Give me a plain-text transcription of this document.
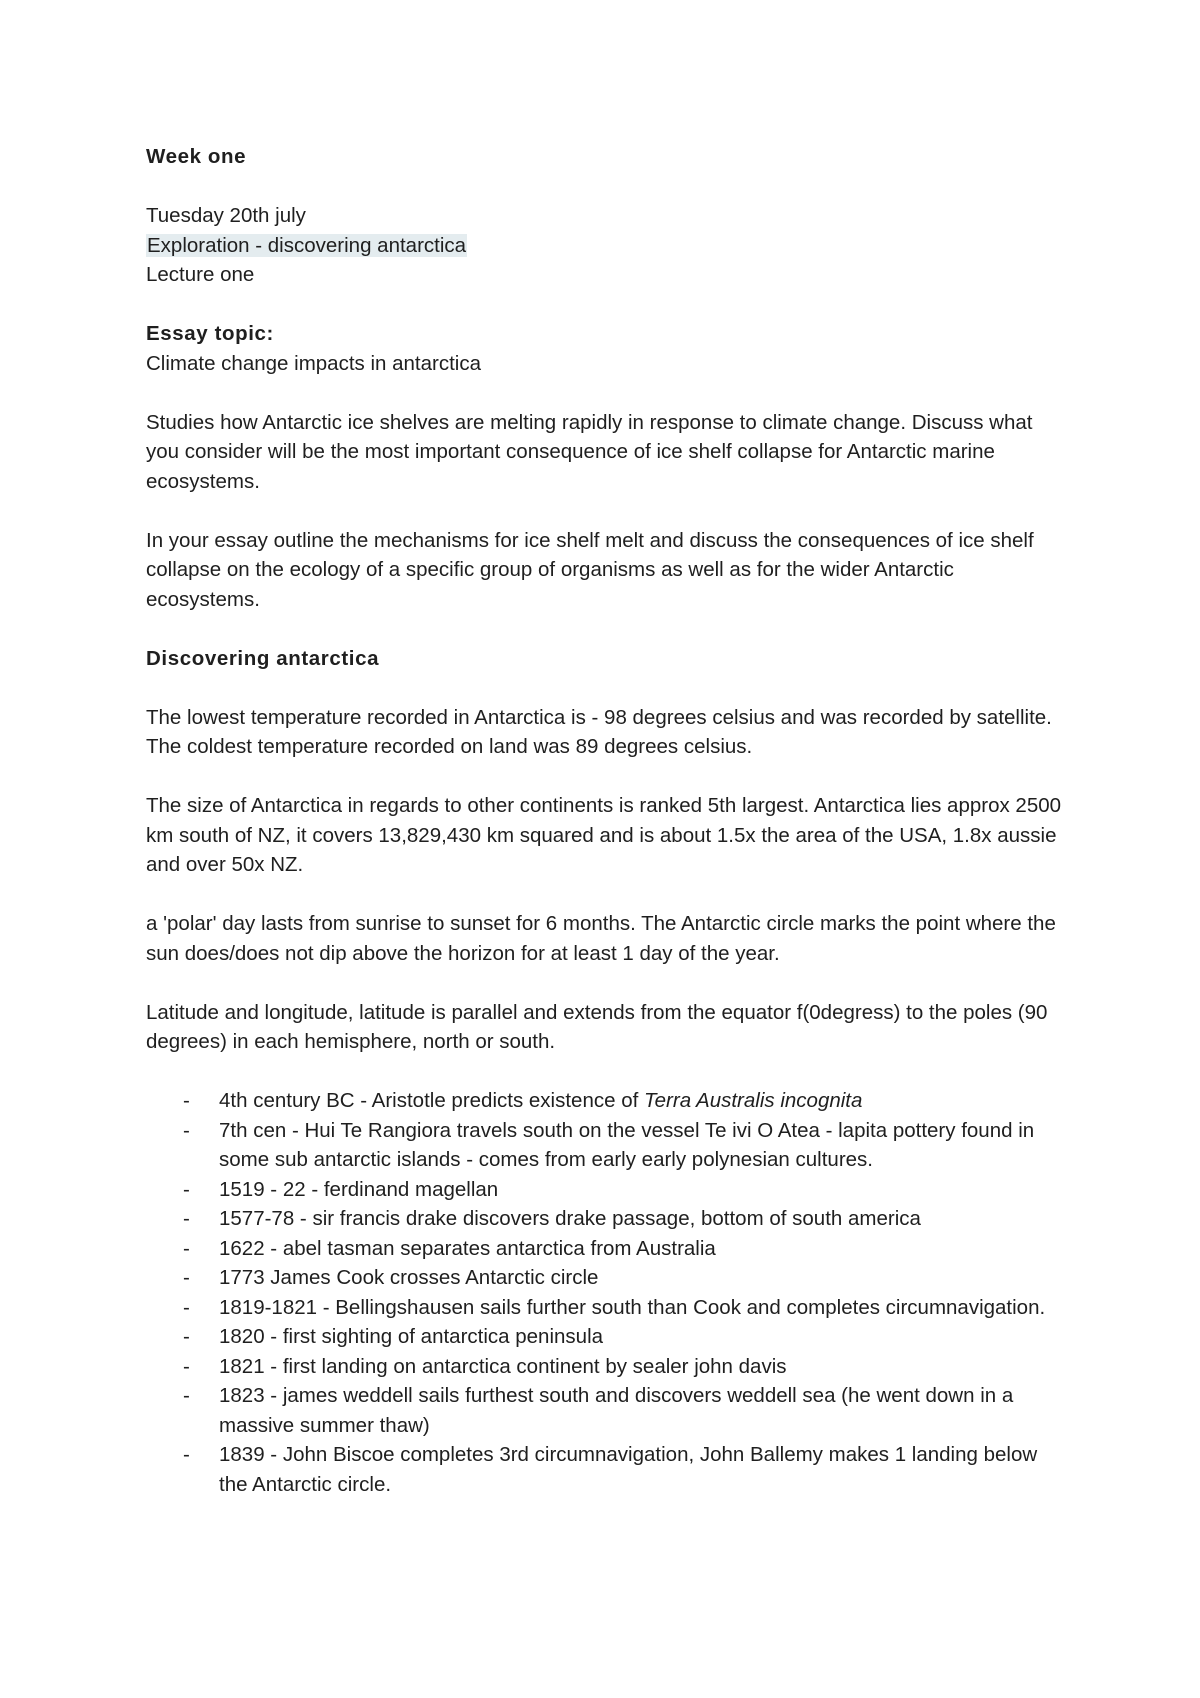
Week one

Tuesday 20th july

Exploration - discovering antarctica

Lecture one

Essay topic:

Climate change impacts in antarctica

Studies how Antarctic ice shelves are melting rapidly in response to climate change. Discuss what you consider will be the most important consequence of ice shelf collapse for Antarctic marine ecosystems.

In your essay outline the mechanisms for ice shelf melt and discuss the consequences of ice shelf collapse on the ecology of a specific group of organisms as well as for the wider Antarctic ecosystems.

Discovering antarctica

The lowest temperature recorded in Antarctica is - 98 degrees celsius and was recorded by satellite. The coldest temperature recorded on land was 89 degrees celsius.

The size of Antarctica in regards to other continents is ranked 5th largest. Antarctica lies approx 2500 km south of NZ, it covers 13,829,430 km squared and is about 1.5x the area of the USA, 1.8x aussie and over 50x NZ.

a 'polar' day lasts from sunrise to sunset for 6 months. The Antarctic circle marks the point where the sun does/does not dip above the horizon for at least 1 day of the year.

Latitude and longitude, latitude is parallel and extends from the equator f(0degress) to the poles (90 degrees) in each hemisphere, north or south.

- 4th century BC - Aristotle predicts existence of Terra Australis incognita
- 7th cen - Hui Te Rangiora travels south on the vessel Te ivi O Atea - lapita pottery found in some sub antarctic islands - comes from early early polynesian cultures.
- 1519 - 22 - ferdinand magellan
- 1577-78 - sir francis drake discovers drake passage, bottom of south america
- 1622 - abel tasman separates antarctica from Australia
- 1773 James Cook crosses Antarctic circle
- 1819-1821 - Bellingshausen sails further south than Cook and completes circumnavigation.
- 1820 - first sighting of antarctica peninsula
- 1821 - first landing on antarctica continent by sealer john davis
- 1823 - james weddell sails furthest south and discovers weddell sea (he went down in a massive summer thaw)
- 1839 - John Biscoe completes 3rd circumnavigation, John Ballemy makes 1 landing below the Antarctic circle.
